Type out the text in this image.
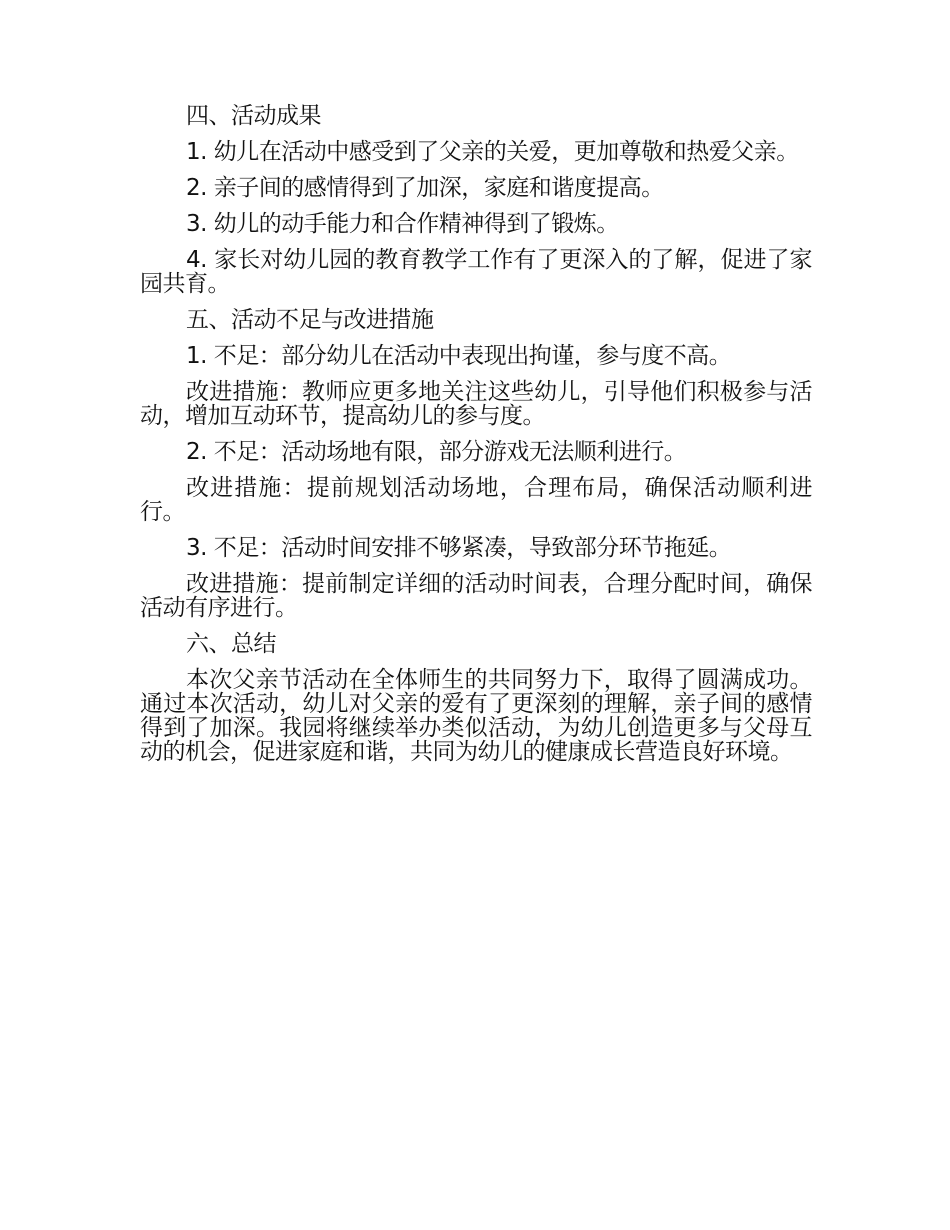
四、活动成果

1. 幼儿在活动中感受到了父亲的关爱，更加尊敬和热爱父亲。

2. 亲子间的感情得到了加深，家庭和谐度提高。

3. 幼儿的动手能力和合作精神得到了锻炼。

4. 家长对幼儿园的教育教学工作有了更深入的了解，促进了家园共育。

五、活动不足与改进措施

1. 不足：部分幼儿在活动中表现出拘谨，参与度不高。

改进措施：教师应更多地关注这些幼儿，引导他们积极参与活动，增加互动环节，提高幼儿的参与度。

2. 不足：活动场地有限，部分游戏无法顺利进行。

改进措施：提前规划活动场地，合理布局，确保活动顺利进行。

3. 不足：活动时间安排不够紧凑，导致部分环节拖延。

改进措施：提前制定详细的活动时间表，合理分配时间，确保活动有序进行。

六、总结

本次父亲节活动在全体师生的共同努力下，取得了圆满成功。通过本次活动，幼儿对父亲的爱有了更深刻的理解，亲子间的感情得到了加深。我园将继续举办类似活动，为幼儿创造更多与父母互动的机会，促进家庭和谐，共同为幼儿的健康成长营造良好环境。
